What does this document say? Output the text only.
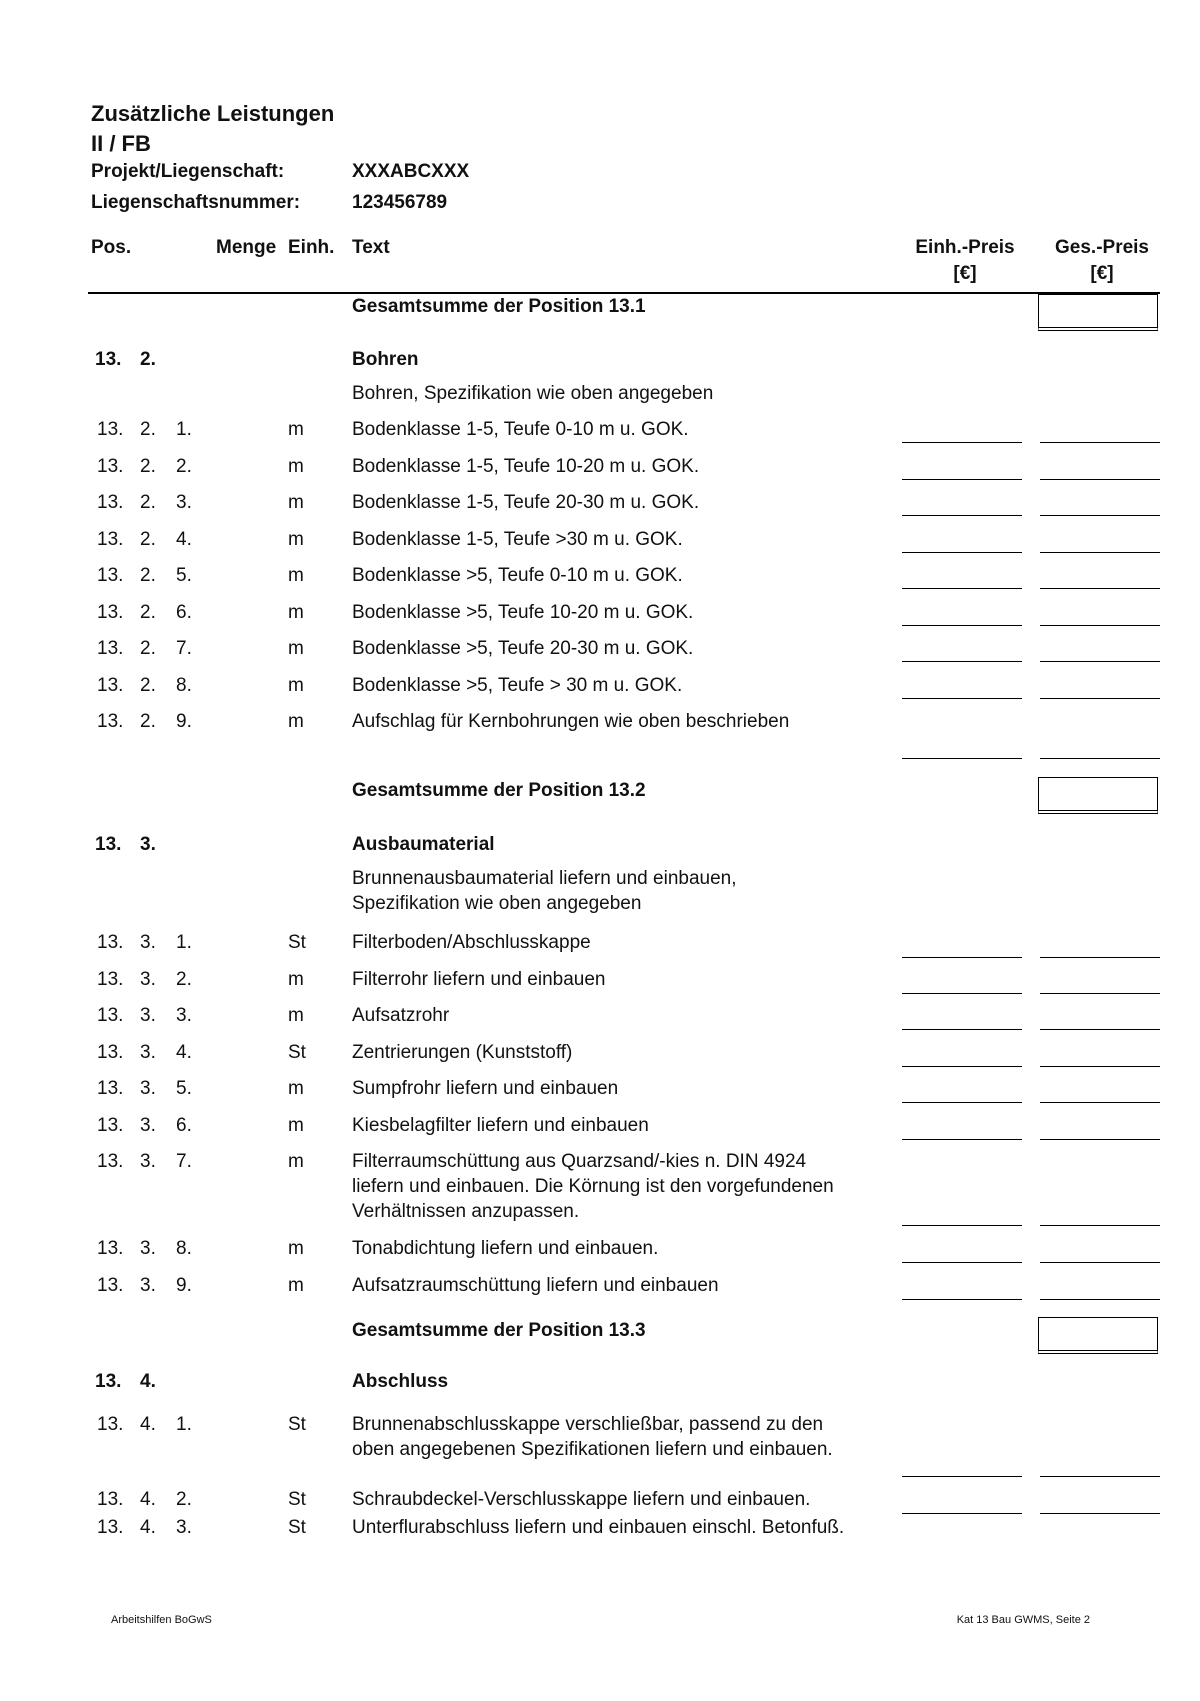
Zusätzliche Leistungen
II / FB
Projekt/Liegenschaft:	XXXABCXXX
Liegenschaftsnummer:	123456789
Pos.	Menge Einh. Text	Einh.-Preis
[€]
Ges.-Preis
[€]
Gesamtsumme der Position 13.1
13. 2.	Bohren
Bohren, Spezifikation wie oben angegeben
13. 2. 1.	m	Bodenklasse 1-5, Teufe 0-10 m u. GOK.
13. 2. 2.	m	Bodenklasse 1-5, Teufe 10-20 m u. GOK.
13. 2. 3.	m	Bodenklasse 1-5, Teufe 20-30 m u. GOK.
13. 2. 4.	m	Bodenklasse 1-5, Teufe >30 m u. GOK.
13. 2. 5.	m	Bodenklasse >5, Teufe 0-10 m u. GOK.
13. 2. 6.	m	Bodenklasse >5, Teufe 10-20 m u. GOK.
13. 2. 7.	m	Bodenklasse >5, Teufe 20-30 m u. GOK.
13. 2. 8.	m	Bodenklasse >5, Teufe > 30 m u. GOK.
13. 2. 9.	m	Aufschlag für Kernbohrungen wie oben beschrieben
Gesamtsumme der Position 13.2
13. 3.	Ausbaumaterial
Brunnenausbaumaterial liefern und einbauen,
Spezifikation wie oben angegeben
13. 3. 1.	St Filterboden/Abschlusskappe
13. 3. 2.	m	Filterrohr liefern und einbauen
13. 3. 3.	m	Aufsatzrohr
13. 3. 4.	St Zentrierungen (Kunststoff)
13. 3. 5.	m	Sumpfrohr liefern und einbauen
13. 3. 6.	m	Kiesbelagfilter liefern und einbauen
13. 3. 7.	m	Filterraumschüttung aus Quarzsand/-kies n. DIN 4924
liefern und einbauen. Die Körnung ist den vorgefundenen
Verhältnissen anzupassen.
13. 3. 8.	m	Tonabdichtung liefern und einbauen.
13. 3. 9.	m	Aufsatzraumschüttung liefern und einbauen
Gesamtsumme der Position 13.3
13. 4.	Abschluss
13. 4. 1.	St Brunnenabschlusskappe verschließbar, passend zu den
oben angegebenen Spezifikationen liefern und einbauen.
13. 4. 2.	St Schraubdeckel-Verschlusskappe liefern und einbauen.
13. 4. 3.	St Unterflurabschluss liefern und einbauen einschl. Betonfuß.
Arbeitshilfen BoGwS	Kat 13 Bau GWMS, Seite 2
